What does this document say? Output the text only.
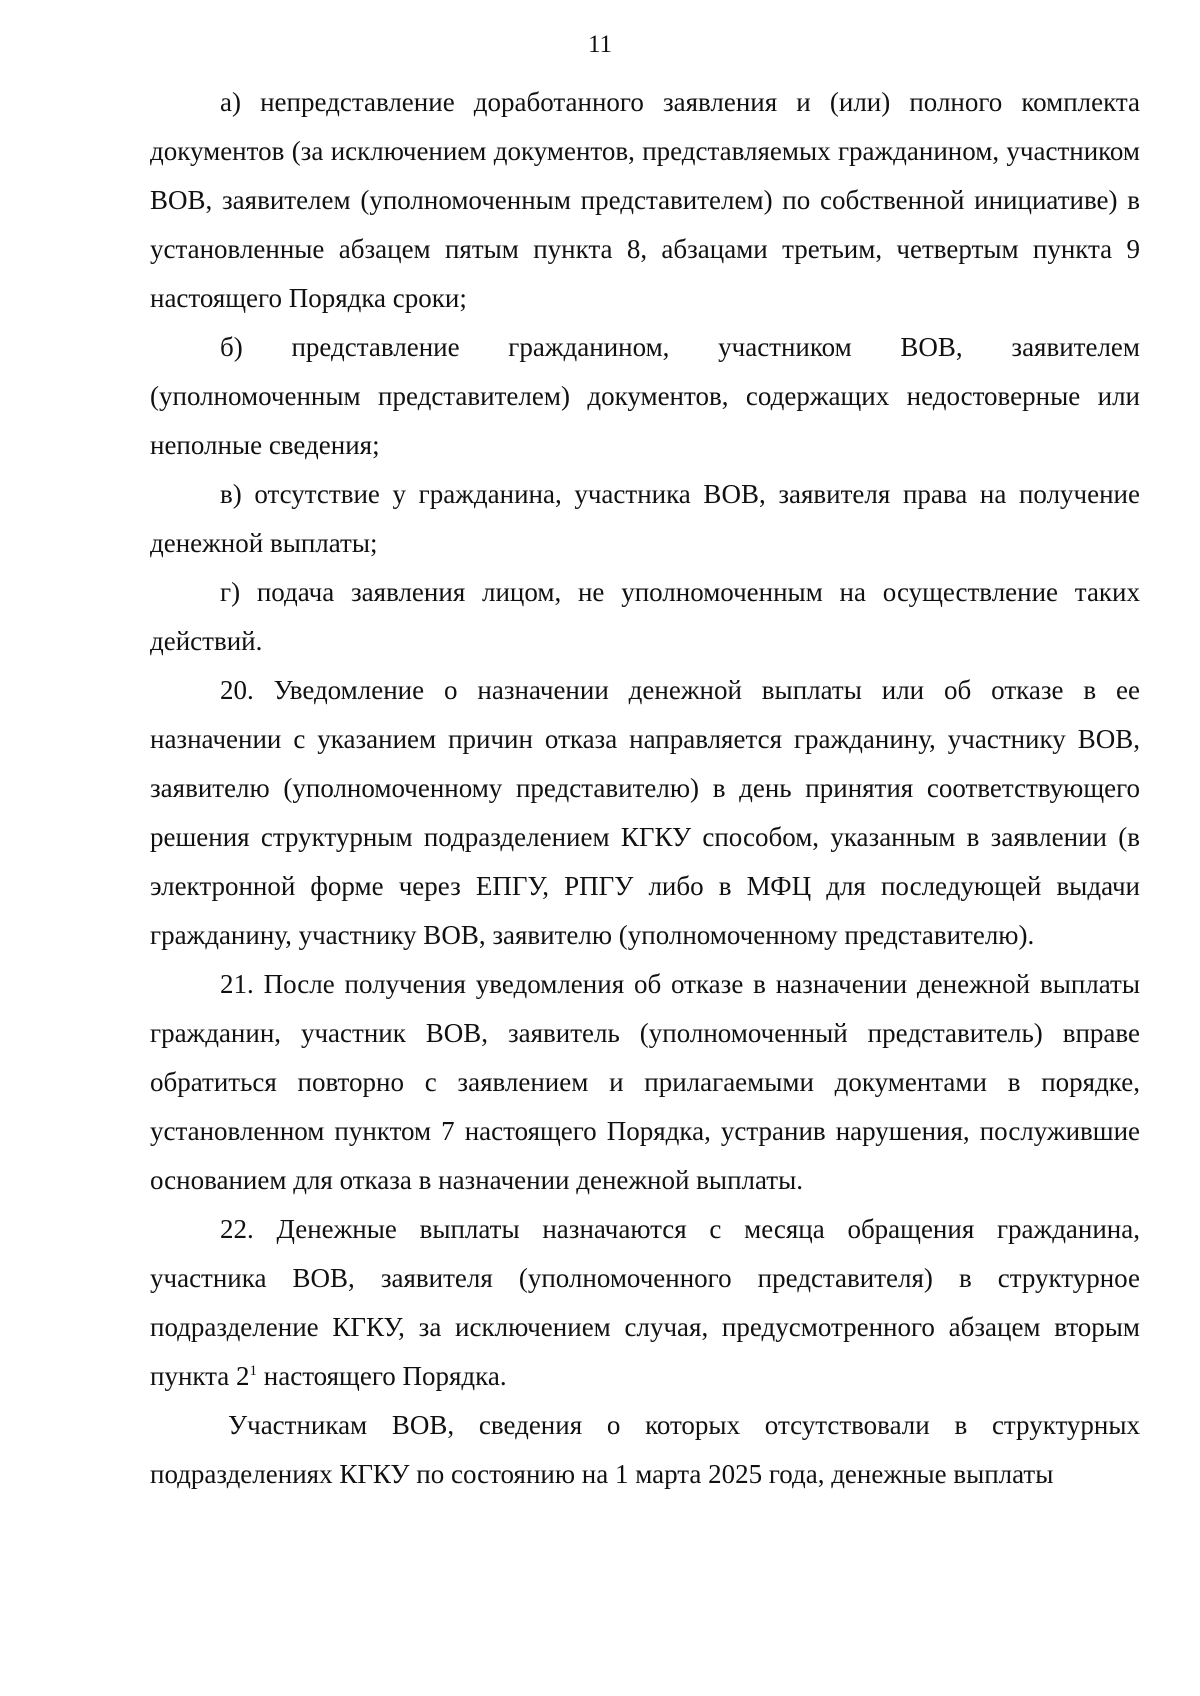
11

а) непредставление доработанного заявления и (или) полного комплекта документов (за исключением документов, представляемых гражданином, участником ВОВ, заявителем (уполномоченным представителем) по собственной инициативе) в установленные абзацем пятым пункта 8, абзацами третьим, четвертым пункта 9 настоящего Порядка сроки;

б) представление гражданином, участником ВОВ, заявителем (уполномоченным представителем) документов, содержащих недостоверные или неполные сведения;

в) отсутствие у гражданина, участника ВОВ, заявителя права на получение денежной выплаты;

г) подача заявления лицом, не уполномоченным на осуществление таких действий.

20. Уведомление о назначении денежной выплаты или об отказе в ее назначении с указанием причин отказа направляется гражданину, участнику ВОВ, заявителю (уполномоченному представителю) в день принятия соответствующего решения структурным подразделением КГКУ способом, указанным в заявлении (в электронной форме через ЕПГУ, РПГУ либо в МФЦ для последующей выдачи гражданину, участнику ВОВ, заявителю (уполномоченному представителю).

21. После получения уведомления об отказе в назначении денежной выплаты гражданин, участник ВОВ, заявитель (уполномоченный представитель) вправе обратиться повторно с заявлением и прилагаемыми документами в порядке, установленном пунктом 7 настоящего Порядка, устранив нарушения, послужившие основанием для отказа в назначении денежной выплаты.

22. Денежные выплаты назначаются с месяца обращения гражданина, участника ВОВ, заявителя (уполномоченного представителя) в структурное подразделение КГКУ, за исключением случая, предусмотренного абзацем вторым пункта $2^1$ настоящего Порядка.

Участникам ВОВ, сведения о которых отсутствовали в структурных подразделениях КГКУ по состоянию на 1 марта 2025 года, денежные выплаты
